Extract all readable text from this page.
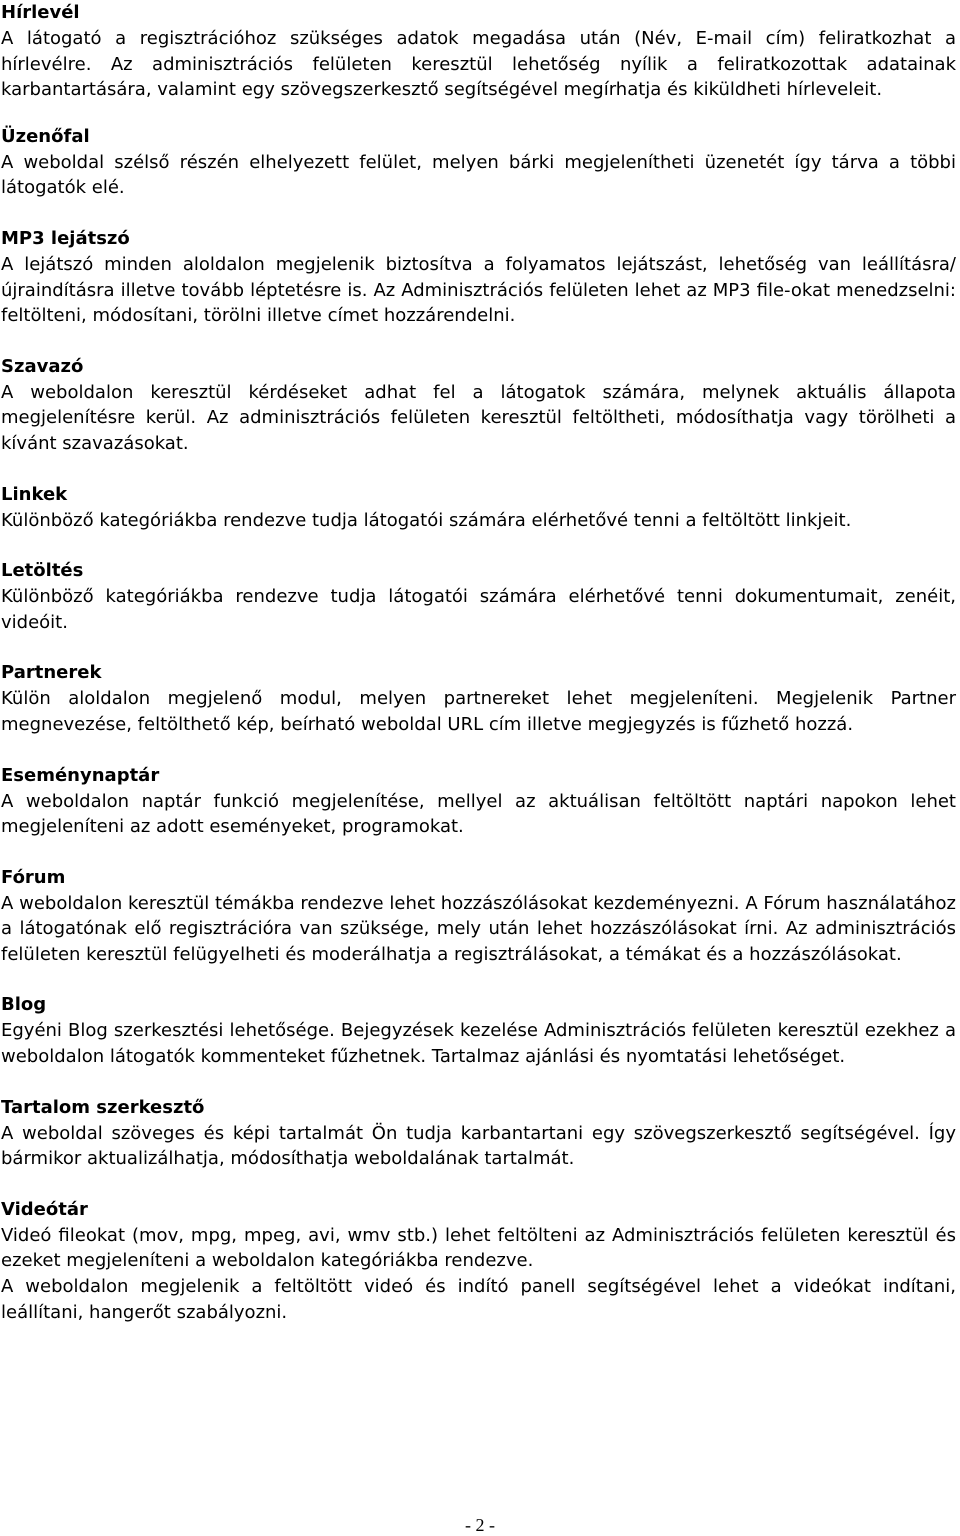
Hírlevél
A látogató a regisztrációhoz szükséges adatok megadása után (Név, E-mail cím) feliratkozhat a hírlevélre. Az adminisztrációs felületen keresztül lehetőség nyílik a feliratkozottak adatainak karbantartására, valamint egy szövegszerkesztő segítségével megírhatja és kiküldheti hírleveleit.
Üzenőfal
A weboldal szélső részén elhelyezett felület, melyen bárki megjelenítheti üzenetét így tárva a többi látogatók elé.
MP3 lejátszó
A lejátszó minden aloldalon megjelenik biztosítva a folyamatos lejátszást, lehetőség van leállításra/újraindításra illetve tovább léptetésre is. Az Adminisztrációs felületen lehet az MP3 file-okat menedzselni: feltölteni, módosítani, törölni illetve címet hozzárendelni.
Szavazó
A weboldalon keresztül kérdéseket adhat fel a látogatok számára, melynek aktuális állapota megjelenítésre kerül. Az adminisztrációs felületen keresztül feltöltheti, módosíthatja vagy törölheti a kívánt szavazásokat.
Linkek
Különböző kategóriákba rendezve tudja látogatói számára elérhetővé tenni a feltöltött linkjeit.
Letöltés
Különböző kategóriákba rendezve tudja látogatói számára elérhetővé tenni dokumentumait, zenéit, videóit.
Partnerek
Külön aloldalon megjelenő modul, melyen partnereket lehet megjeleníteni. Megjelenik Partner megnevezése, feltölthető kép, beírható weboldal URL cím illetve megjegyzés is fűzhető hozzá.
Eseménynaptár
A weboldalon naptár funkció megjelenítése, mellyel az aktuálisan feltöltött naptári napokon lehet megjeleníteni az adott eseményeket, programokat.
Fórum
A weboldalon keresztül témákba rendezve lehet hozzászólásokat kezdeményezni. A Fórum használatához a látogatónak elő regisztrációra van szüksége, mely után lehet hozzászólásokat írni. Az adminisztrációs felületen keresztül felügyelheti és moderálhatja a regisztrálásokat, a témákat és a hozzászólásokat.
Blog
Egyéni Blog szerkesztési lehetősége. Bejegyzések kezelése Adminisztrációs felületen keresztül ezekhez a weboldalon látogatók kommenteket fűzhetnek. Tartalmaz ajánlási és nyomtatási lehetőséget.
Tartalom szerkesztő
A weboldal szöveges és képi tartalmát Ön tudja karbantartani egy szövegszerkesztő segítségével. Így bármikor aktualizálhatja, módosíthatja weboldalának tartalmát.
Videótár
Videó fileokat (mov, mpg, mpeg, avi, wmv stb.) lehet feltölteni az Adminisztrációs felületen keresztül és ezeket megjeleníteni a weboldalon kategóriákba rendezve.
A weboldalon megjelenik a feltöltött videó és indító panell segítségével lehet a videókat indítani, leállítani, hangerőt szabályozni.
- 2 -
